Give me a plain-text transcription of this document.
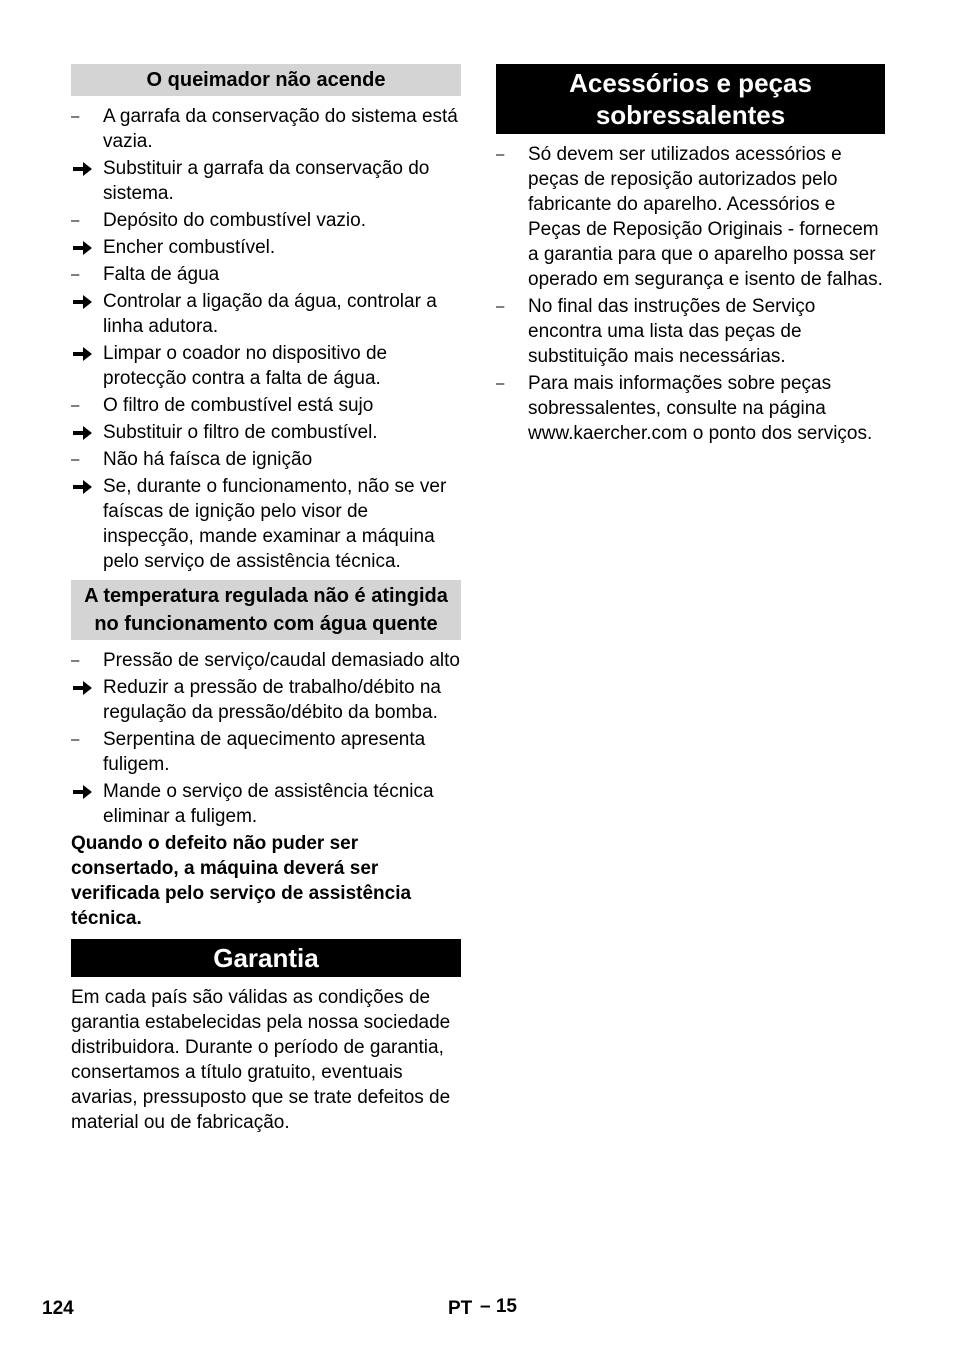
O queimador não acende
–	A garrafa da conservação do sistema está vazia.
Substituir a garrafa da conservação do sistema.
–	Depósito do combustível vazio.
Encher combustível.
–	Falta de água
Controlar a ligação da água, controlar a linha adutora.
Limpar o coador no dispositivo de protecção contra a falta de água.
–	O filtro de combustível está sujo
Substituir o filtro de combustível.
–	Não há faísca de ignição
Se, durante o funcionamento, não se ver faíscas de ignição pelo visor de inspecção, mande examinar a máquina pelo serviço de assistência técnica.
A temperatura regulada não é atingida no funcionamento com água quente
–	Pressão de serviço/caudal demasiado alto
Reduzir a pressão de trabalho/débito na regulação da pressão/débito da bomba.
–	Serpentina de aquecimento apresenta fuligem.
Mande o serviço de assistência técnica eliminar a fuligem.
Quando o defeito não puder ser consertado, a máquina deverá ser verificada pelo serviço de assistência técnica.
Garantia
Em cada país são válidas as condições de garantia estabelecidas pela nossa sociedade distribuidora. Durante o período de garantia, consertamos a título gratuito, eventuais avarias, pressuposto que se trate defeitos de material ou de fabricação.
Acessórios e peças sobressalentes
–	Só devem ser utilizados acessórios e peças de reposição autorizados pelo fabricante do aparelho. Acessórios e Peças de Reposição Originais - fornecem a garantia para que o aparelho possa ser operado em segurança e isento de falhas.
–	No final das instruções de Serviço encontra uma lista das peças de substituição mais necessárias.
–	Para mais informações sobre peças sobressalentes, consulte na página www.kaercher.com o ponto dos serviços.
124	PT – 15
